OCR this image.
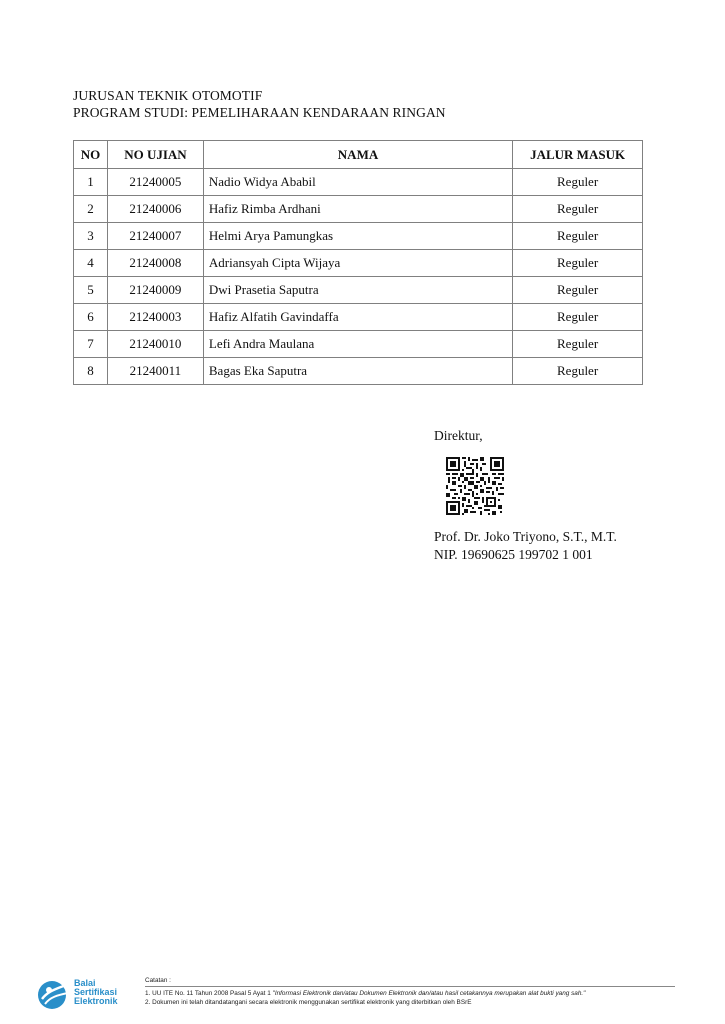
JURUSAN TEKNIK OTOMOTIF
PROGRAM STUDI: PEMELIHARAAN KENDARAAN RINGAN
NO	NO UJIAN	NAMA	JALUR MASUK
1	21240005	Nadio Widya Ababil	Reguler
2	21240006	Hafiz Rimba Ardhani	Reguler
3	21240007	Helmi Arya Pamungkas	Reguler
4	21240008	Adriansyah Cipta Wijaya	Reguler
5	21240009	Dwi Prasetia Saputra	Reguler
6	21240003	Hafiz Alfatih Gavindaffa	Reguler
7	21240010	Lefi Andra Maulana	Reguler
8	21240011	Bagas Eka Saputra	Reguler
Direktur,
Prof. Dr. Joko Triyono, S.T., M.T.
NIP. 19690625 199702 1 001
Balai
Sertifikasi
Elektronik
Catatan :
1. UU ITE No. 11 Tahun 2008 Pasal 5 Ayat 1 "Informasi Elektronik dan/atau Dokumen Elektronik dan/atau hasil cetakannya merupakan alat bukti yang sah."
2. Dokumen ini telah ditandatangani secara elektronik menggunakan sertifikat elektronik yang diterbitkan oleh BSrE
